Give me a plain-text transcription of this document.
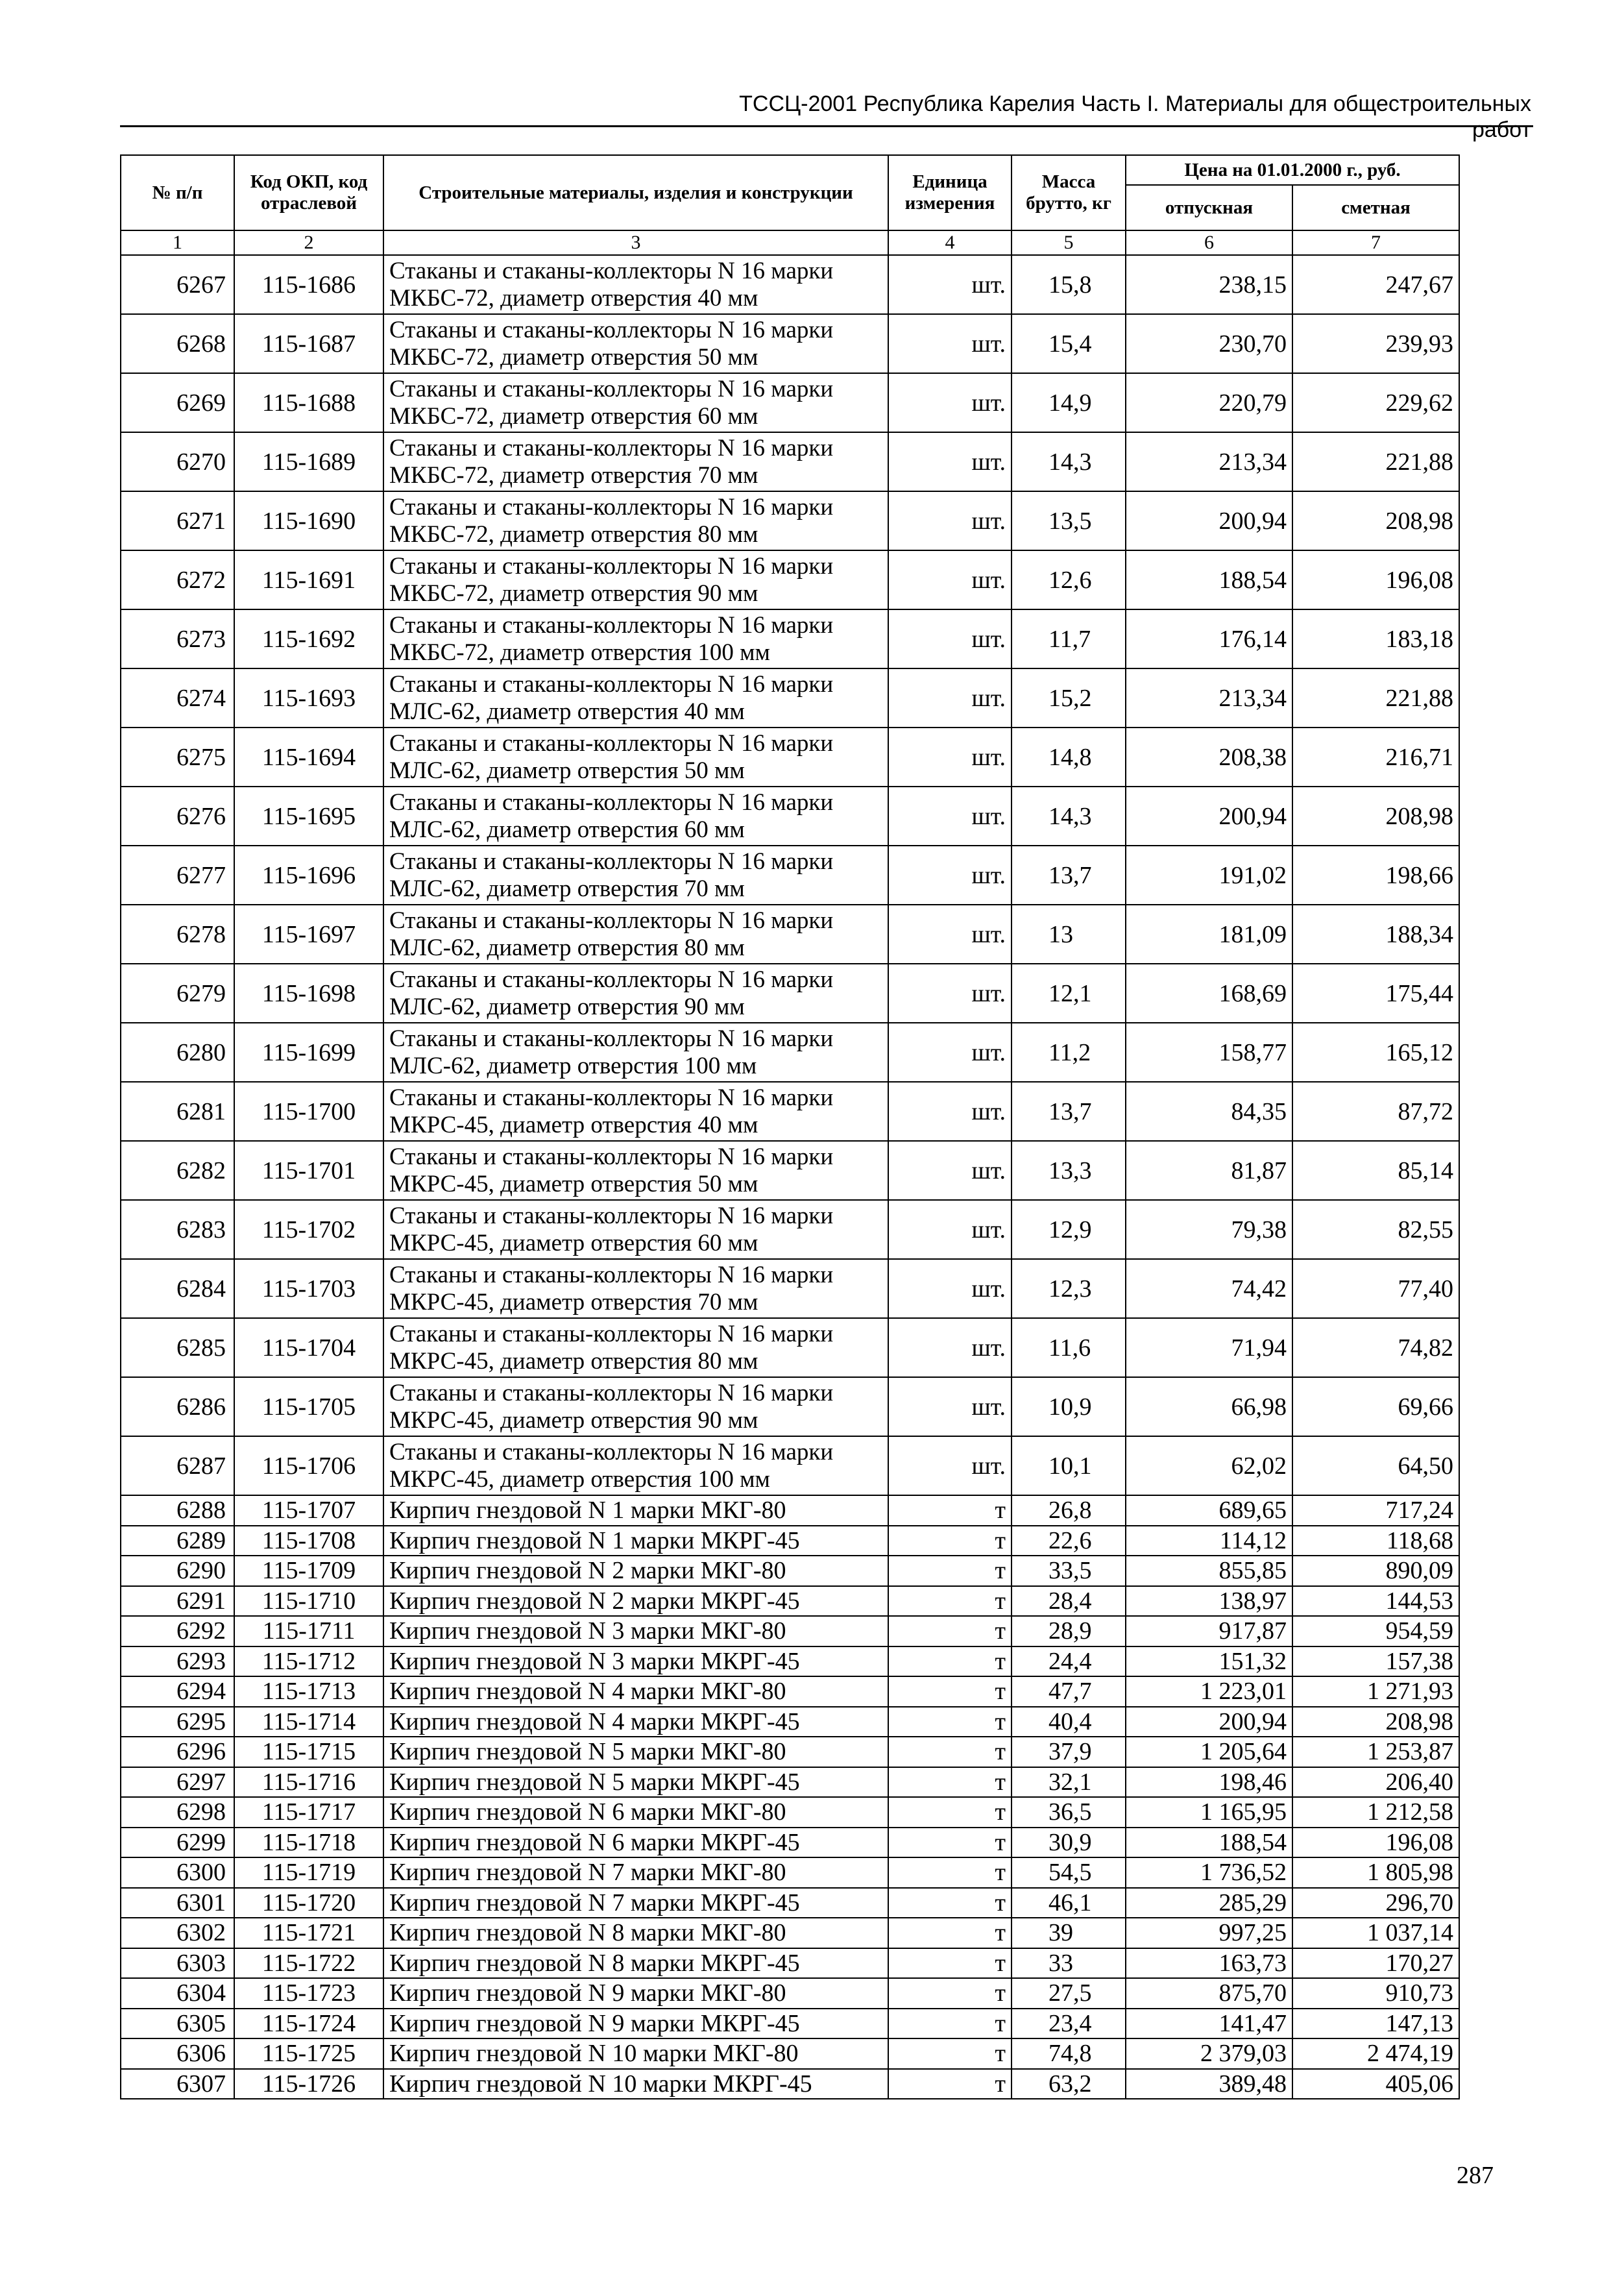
ТССЦ-2001 Республика Карелия Часть I. Материалы для общестроительных работ
№ п/п	Код ОКП, код отраслевой	Строительные материалы, изделия и конструкции	Единица измерения	Масса брутто, кг	Цена на 01.01.2000 г., руб.	
					отпускная	сметная
1	2	3	4	5	6	7
6267	115-1686	Стаканы и стаканы-коллекторы N 16 марки МКБС-72, диаметр отверстия 40 мм	шт.	15,8	238,15	247,67
6268	115-1687	Стаканы и стаканы-коллекторы N 16 марки МКБС-72, диаметр отверстия 50 мм	шт.	15,4	230,70	239,93
6269	115-1688	Стаканы и стаканы-коллекторы N 16 марки МКБС-72, диаметр отверстия 60 мм	шт.	14,9	220,79	229,62
6270	115-1689	Стаканы и стаканы-коллекторы N 16 марки МКБС-72, диаметр отверстия 70 мм	шт.	14,3	213,34	221,88
6271	115-1690	Стаканы и стаканы-коллекторы N 16 марки МКБС-72, диаметр отверстия 80 мм	шт.	13,5	200,94	208,98
6272	115-1691	Стаканы и стаканы-коллекторы N 16 марки МКБС-72, диаметр отверстия 90 мм	шт.	12,6	188,54	196,08
6273	115-1692	Стаканы и стаканы-коллекторы N 16 марки МКБС-72, диаметр отверстия 100 мм	шт.	11,7	176,14	183,18
6274	115-1693	Стаканы и стаканы-коллекторы N 16 марки МЛС-62, диаметр отверстия 40 мм	шт.	15,2	213,34	221,88
6275	115-1694	Стаканы и стаканы-коллекторы N 16 марки МЛС-62, диаметр отверстия 50 мм	шт.	14,8	208,38	216,71
6276	115-1695	Стаканы и стаканы-коллекторы N 16 марки МЛС-62, диаметр отверстия 60 мм	шт.	14,3	200,94	208,98
6277	115-1696	Стаканы и стаканы-коллекторы N 16 марки МЛС-62, диаметр отверстия 70 мм	шт.	13,7	191,02	198,66
6278	115-1697	Стаканы и стаканы-коллекторы N 16 марки МЛС-62, диаметр отверстия 80 мм	шт.	13	181,09	188,34
6279	115-1698	Стаканы и стаканы-коллекторы N 16 марки МЛС-62, диаметр отверстия 90 мм	шт.	12,1	168,69	175,44
6280	115-1699	Стаканы и стаканы-коллекторы N 16 марки МЛС-62, диаметр отверстия 100 мм	шт.	11,2	158,77	165,12
6281	115-1700	Стаканы и стаканы-коллекторы N 16 марки МКРС-45, диаметр отверстия 40 мм	шт.	13,7	84,35	87,72
6282	115-1701	Стаканы и стаканы-коллекторы N 16 марки МКРС-45, диаметр отверстия 50 мм	шт.	13,3	81,87	85,14
6283	115-1702	Стаканы и стаканы-коллекторы N 16 марки МКРС-45, диаметр отверстия 60 мм	шт.	12,9	79,38	82,55
6284	115-1703	Стаканы и стаканы-коллекторы N 16 марки МКРС-45, диаметр отверстия 70 мм	шт.	12,3	74,42	77,40
6285	115-1704	Стаканы и стаканы-коллекторы N 16 марки МКРС-45, диаметр отверстия 80 мм	шт.	11,6	71,94	74,82
6286	115-1705	Стаканы и стаканы-коллекторы N 16 марки МКРС-45, диаметр отверстия 90 мм	шт.	10,9	66,98	69,66
6287	115-1706	Стаканы и стаканы-коллекторы N 16 марки МКРС-45, диаметр отверстия 100 мм	шт.	10,1	62,02	64,50
6288	115-1707	Кирпич гнездовой N 1 марки МКГ-80	т	26,8	689,65	717,24
6289	115-1708	Кирпич гнездовой N 1 марки МКРГ-45	т	22,6	114,12	118,68
6290	115-1709	Кирпич гнездовой N 2 марки МКГ-80	т	33,5	855,85	890,09
6291	115-1710	Кирпич гнездовой N 2 марки МКРГ-45	т	28,4	138,97	144,53
6292	115-1711	Кирпич гнездовой N 3 марки МКГ-80	т	28,9	917,87	954,59
6293	115-1712	Кирпич гнездовой N 3 марки МКРГ-45	т	24,4	151,32	157,38
6294	115-1713	Кирпич гнездовой N 4 марки МКГ-80	т	47,7	1 223,01	1 271,93
6295	115-1714	Кирпич гнездовой N 4 марки МКРГ-45	т	40,4	200,94	208,98
6296	115-1715	Кирпич гнездовой N 5 марки МКГ-80	т	37,9	1 205,64	1 253,87
6297	115-1716	Кирпич гнездовой N 5 марки МКРГ-45	т	32,1	198,46	206,40
6298	115-1717	Кирпич гнездовой N 6 марки МКГ-80	т	36,5	1 165,95	1 212,58
6299	115-1718	Кирпич гнездовой N 6 марки МКРГ-45	т	30,9	188,54	196,08
6300	115-1719	Кирпич гнездовой N 7 марки МКГ-80	т	54,5	1 736,52	1 805,98
6301	115-1720	Кирпич гнездовой N 7 марки МКРГ-45	т	46,1	285,29	296,70
6302	115-1721	Кирпич гнездовой N 8 марки МКГ-80	т	39	997,25	1 037,14
6303	115-1722	Кирпич гнездовой N 8 марки МКРГ-45	т	33	163,73	170,27
6304	115-1723	Кирпич гнездовой N 9 марки МКГ-80	т	27,5	875,70	910,73
6305	115-1724	Кирпич гнездовой N 9 марки МКРГ-45	т	23,4	141,47	147,13
6306	115-1725	Кирпич гнездовой N 10 марки МКГ-80	т	74,8	2 379,03	2 474,19
6307	115-1726	Кирпич гнездовой N 10 марки МКРГ-45	т	63,2	389,48	405,06
287
